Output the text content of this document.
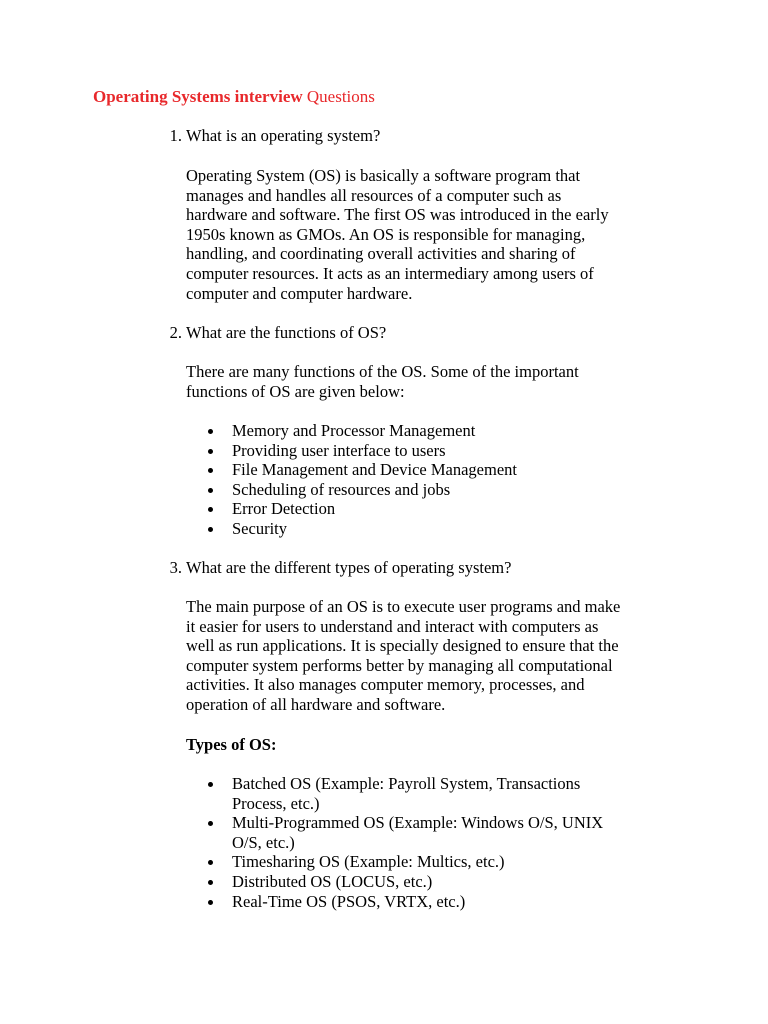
Operating Systems interview Questions
1. What is an operating system?
Operating System (OS) is basically a software program that
manages and handles all resources of a computer such as
hardware and software. The first OS was introduced in the early
1950s known as GMOs. An OS is responsible for managing,
handling, and coordinating overall activities and sharing of
computer resources. It acts as an intermediary among users of
computer and computer hardware.
2. What are the functions of OS?
There are many functions of the OS. Some of the important
functions of OS are given below:
Memory and Processor Management
Providing user interface to users
File Management and Device Management
Scheduling of resources and jobs
Error Detection
Security
3. What are the different types of operating system?
The main purpose of an OS is to execute user programs and make
it easier for users to understand and interact with computers as
well as run applications. It is specially designed to ensure that the
computer system performs better by managing all computational
activities. It also manages computer memory, processes, and
operation of all hardware and software.
Types of OS:
Batched OS (Example: Payroll System, Transactions
Process, etc.)
Multi-Programmed OS (Example: Windows O/S, UNIX
O/S, etc.)
Timesharing OS (Example: Multics, etc.)
Distributed OS (LOCUS, etc.)
Real-Time OS (PSOS, VRTX, etc.)
